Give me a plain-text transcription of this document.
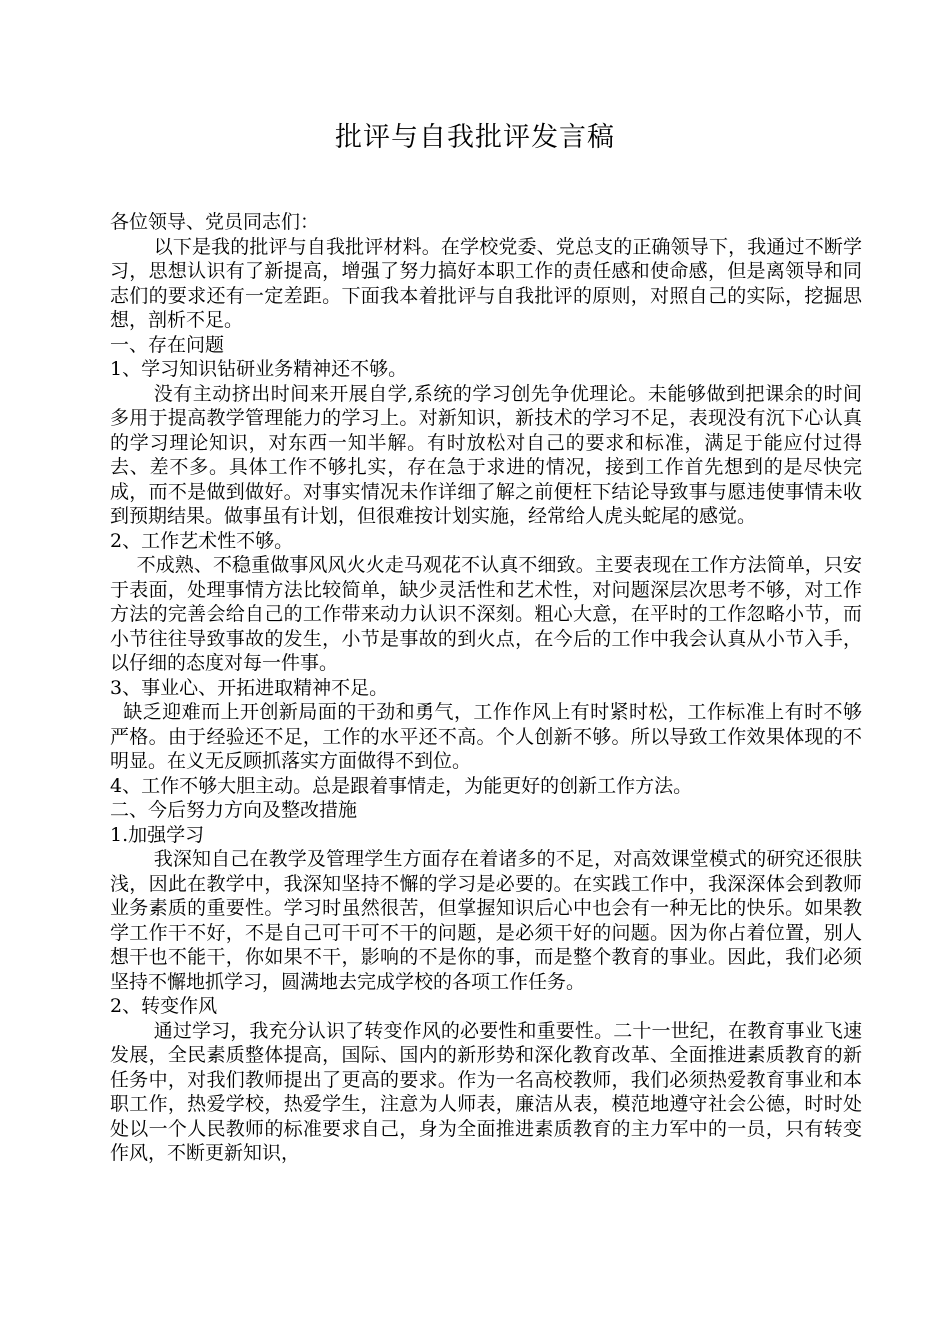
批评与自我批评发言稿

各位领导、党员同志们：

以下是我的批评与自我批评材料。在学校党委、党总支的正确领导下，我通过不断学习，思想认识有了新提高，增强了努力搞好本职工作的责任感和使命感，但是离领导和同志们的要求还有一定差距。下面我本着批评与自我批评的原则，对照自己的实际，挖掘思想，剖析不足。

一、存在问题

1、学习知识钻研业务精神还不够。

没有主动挤出时间来开展自学,系统的学习创先争优理论。未能够做到把课余的时间多用于提高教学管理能力的学习上。对新知识，新技术的学习不足，表现没有沉下心认真的学习理论知识，对东西一知半解。有时放松对自己的要求和标准，满足于能应付过得去、差不多。具体工作不够扎实，存在急于求进的情况，接到工作首先想到的是尽快完成，而不是做到做好。对事实情况未作详细了解之前便枉下结论导致事与愿违使事情未收到预期结果。做事虽有计划，但很难按计划实施，经常给人虎头蛇尾的感觉。

2、工作艺术性不够。

不成熟、不稳重做事风风火火走马观花不认真不细致。主要表现在工作方法简单，只安于表面，处理事情方法比较简单，缺少灵活性和艺术性，对问题深层次思考不够，对工作方法的完善会给自己的工作带来动力认识不深刻。粗心大意，在平时的工作忽略小节，而小节往往导致事故的发生，小节是事故的到火点，在今后的工作中我会认真从小节入手，以仔细的态度对每一件事。

3、事业心、开拓进取精神不足。

缺乏迎难而上开创新局面的干劲和勇气，工作作风上有时紧时松，工作标准上有时不够严格。由于经验还不足，工作的水平还不高。个人创新不够。所以导致工作效果体现的不明显。在义无反顾抓落实方面做得不到位。

4、工作不够大胆主动。总是跟着事情走，为能更好的创新工作方法。

二、今后努力方向及整改措施

1.加强学习

我深知自己在教学及管理学生方面存在着诸多的不足，对高效课堂模式的研究还很肤浅，因此在教学中，我深知坚持不懈的学习是必要的。在实践工作中，我深深体会到教师业务素质的重要性。学习时虽然很苦，但掌握知识后心中也会有一种无比的快乐。如果教学工作干不好，不是自己可干可不干的问题，是必须干好的问题。因为你占着位置，别人想干也不能干，你如果不干，影响的不是你的事，而是整个教育的事业。因此，我们必须坚持不懈地抓学习，圆满地去完成学校的各项工作任务。

2、转变作风

通过学习，我充分认识了转变作风的必要性和重要性。二十一世纪，在教育事业飞速发展，全民素质整体提高，国际、国内的新形势和深化教育改革、全面推进素质教育的新任务中，对我们教师提出了更高的要求。作为一名高校教师，我们必须热爱教育事业和本职工作，热爱学校，热爱学生，注意为人师表，廉洁从表，模范地遵守社会公德，时时处处以一个人民教师的标准要求自己，身为全面推进素质教育的主力军中的一员，只有转变作风，不断更新知识，
